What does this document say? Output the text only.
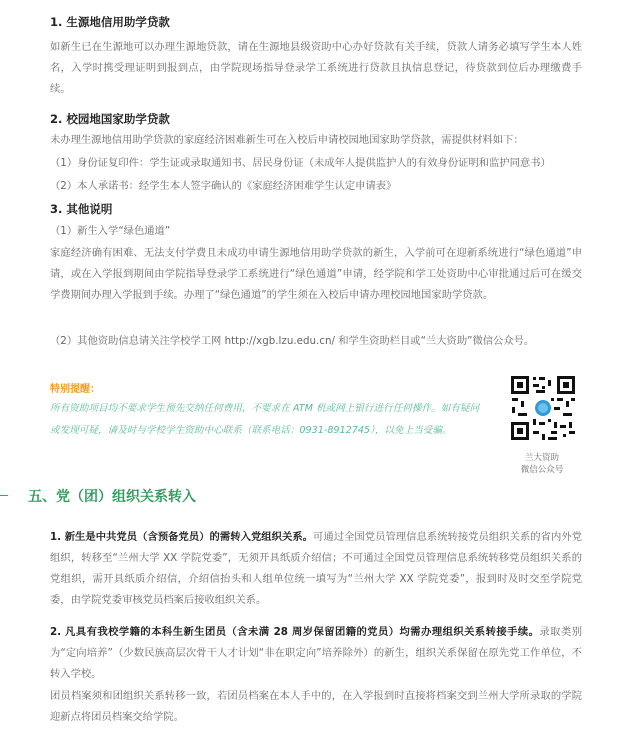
1. 生源地信用助学贷款
如新生已在生源地可以办理生源地贷款，请在生源地县级资助中心办好贷款有关手续，贷款人请务必填写学生本人姓名，入学时携受理证明到报到点，由学院现场指导登录学工系统进行贷款且执信息登记，待贷款到位后办理缴费手续。
2. 校园地国家助学贷款
未办理生源地信用助学贷款的家庭经济困难新生可在入校后申请校园地国家助学贷款，需提供材料如下：
（1）身份证复印件：学生证或录取通知书、居民身份证（未成年人提供监护人的有效身份证明和监护同意书）
（2）本人承诺书：经学生本人签字确认的《家庭经济困难学生认定申请表》
3. 其他说明
（1）新生入学“绿色通道”
家庭经济确有困难、无法支付学费且未成功申请生源地信用助学贷款的新生，入学前可在迎新系统进行“绿色通道”申请，或在入学报到期间由学院指导登录学工系统进行“绿色通道”申请，经学院和学工处资助中心审批通过后可在缓交学费期间办理入学报到手续。办理了“绿色通道”的学生须在入校后申请办理校园地国家助学贷款。
（2）其他资助信息请关注学校学工网 http://xgb.lzu.edu.cn/ 和学生资助栏目或“兰大资助”微信公众号。
特别提醒：
所有资助项目均不要求学生预先交纳任何费用，不要求在 ATM 机或网上银行进行任何操作。如有疑问或发现可疑，请及时与学校学生资助中心联系（联系电话：0931-8912745），以免上当受骗。
兰大资助
微信公众号
五、党（团）组织关系转入
1. 新生是中共党员（含预备党员）的需转入党组织关系。可通过全国党员管理信息系统转接党员组织关系的省内外党组织，转移至“兰州大学 XX 学院党委”，无须开具纸质介绍信；不可通过全国党员管理信息系统转移党员组织关系的党组织，需开具纸质介绍信，介绍信抬头和人组单位统一填写为“兰州大学 XX 学院党委”，报到时及时交至学院党委，由学院党委审核党员档案后接收组织关系。
2. 凡具有我校学籍的本科生新生团员（含未满 28 周岁保留团籍的党员）均需办理组织关系转接手续。录取类别为“定向培养”（少数民族高层次骨干人才计划“非在职定向”培养除外）的新生，组织关系保留在原先党工作单位，不转入学校。
团员档案须和团组织关系转移一致，若团员档案在本人手中的，在入学报到时直接将档案交到兰州大学所录取的学院迎新点将团员档案交给学院。
